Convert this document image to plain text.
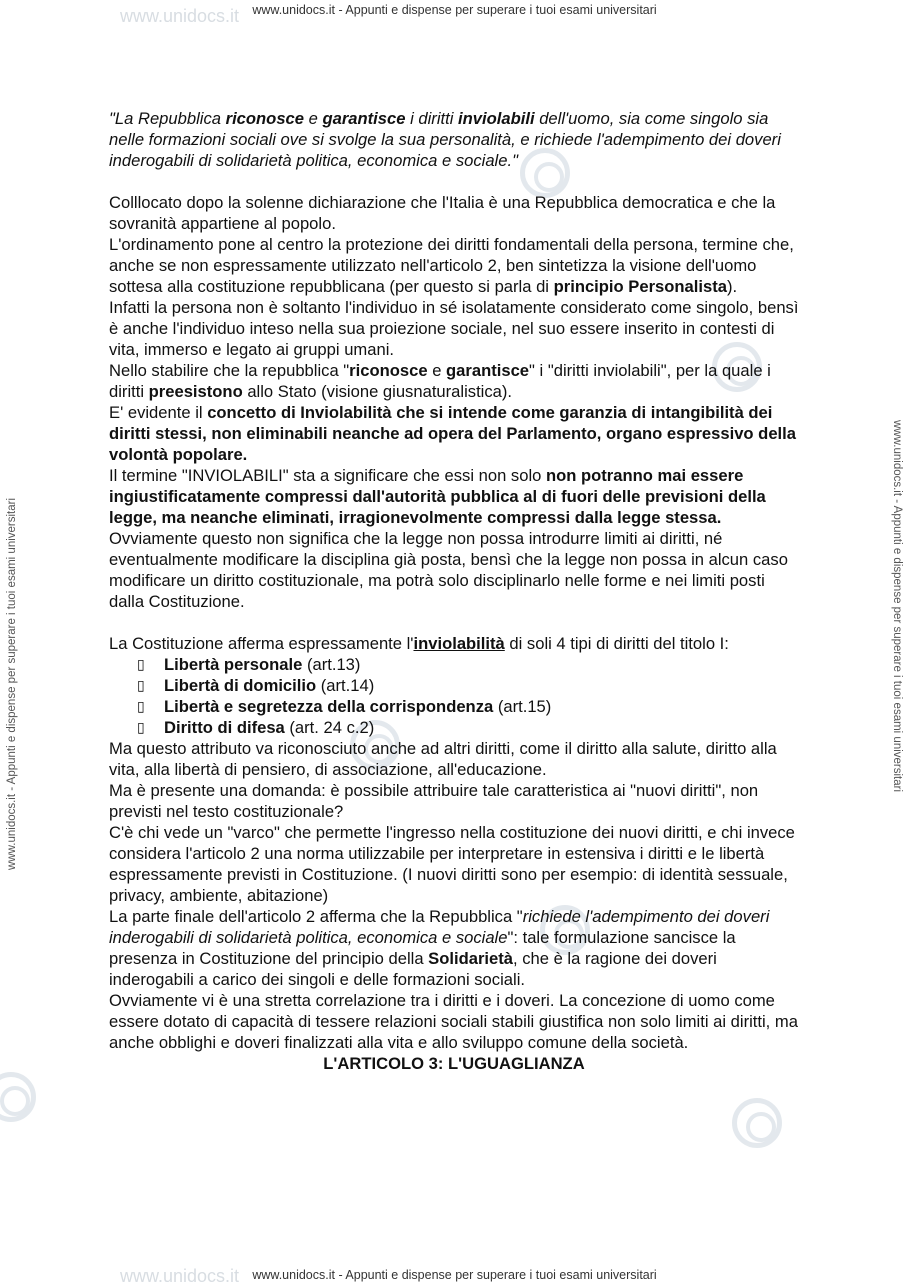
www.unidocs.it
www.unidocs.it
www.unidocs.it - Appunti e dispense per superare i tuoi esami universitari
www.unidocs.it - Appunti e dispense per superare i tuoi esami universitari
www.unidocs.it - Appunti e dispense per superare i tuoi esami universitari	www.unidocs.it - Appunti e dispense per superare i tuoi esami universitari

"La Repubblica riconosce e garantisce i diritti inviolabili dell'uomo, sia come singolo sia nelle formazioni sociali ove si svolge la sua personalità, e richiede l'adempimento dei doveri inderogabili di solidarietà politica, economica e sociale."

Colllocato dopo la solenne dichiarazione che l'Italia è una Repubblica democratica e che la sovranità appartiene al popolo.

L'ordinamento pone al centro la protezione dei diritti fondamentali della persona, termine che, anche se non espressamente utilizzato nell'articolo 2, ben sintetizza la visione dell'uomo sottesa alla costituzione repubblicana (per questo si parla di principio Personalista).

Infatti la persona non è soltanto l'individuo in sé isolatamente considerato come singolo, bensì è anche l'individuo inteso nella sua proiezione sociale, nel suo essere inserito in contesti di vita, immerso e legato ai gruppi umani.

Nello stabilire che la repubblica "riconosce e garantisce" i "diritti inviolabili", per la quale i diritti preesistono allo Stato (visione giusnaturalistica).

E' evidente il concetto di Inviolabilità che si intende come garanzia di intangibilità dei diritti stessi, non eliminabili neanche ad opera del Parlamento, organo espressivo della volontà popolare.

Il termine "INVIOLABILI" sta a significare che essi non solo non potranno mai essere ingiustificatamente compressi dall'autorità pubblica al di fuori delle previsioni della legge, ma neanche eliminati, irragionevolmente compressi dalla legge stessa.

Ovviamente questo non significa che la legge non possa introdurre limiti ai diritti, né eventualmente modificare la disciplina già posta, bensì che la legge non possa in alcun caso modificare un diritto costituzionale, ma potrà solo disciplinarlo nelle forme e nei limiti posti dalla Costituzione.

La Costituzione afferma espressamente l'inviolabilità di soli 4 tipi di diritti del titolo I:

▯ Libertà personale (art.13)
▯ Libertà di domicilio (art.14)
▯ Libertà e segretezza della corrispondenza (art.15)
▯ Diritto di difesa (art. 24 c.2)

Ma questo attributo va riconosciuto anche ad altri diritti, come il diritto alla salute, diritto alla vita, alla libertà di pensiero, di associazione, all'educazione.

Ma è presente una domanda: è possibile attribuire tale caratteristica ai "nuovi diritti", non previsti nel testo costituzionale?

C'è chi vede un "varco" che permette l'ingresso nella costituzione dei nuovi diritti, e chi invece considera l'articolo 2 una norma utilizzabile per interpretare in estensiva i diritti e le libertà espressamente previsti in Costituzione. (I nuovi diritti sono per esempio: di identità sessuale, privacy, ambiente, abitazione)

La parte finale dell'articolo 2 afferma che la Repubblica "richiede l'adempimento dei doveri inderogabili di solidarietà politica, economica e sociale": tale formulazione sancisce la presenza in Costituzione del principio della Solidarietà, che è la ragione dei doveri inderogabili a carico dei singoli e delle formazioni sociali.

Ovviamente vi è una stretta correlazione tra i diritti e i doveri. La concezione di uomo come essere dotato di capacità di tessere relazioni sociali stabili giustifica non solo limiti ai diritti, ma anche obblighi e doveri finalizzati alla vita e allo sviluppo comune della società.

L'ARTICOLO 3: L'UGUAGLIANZA
